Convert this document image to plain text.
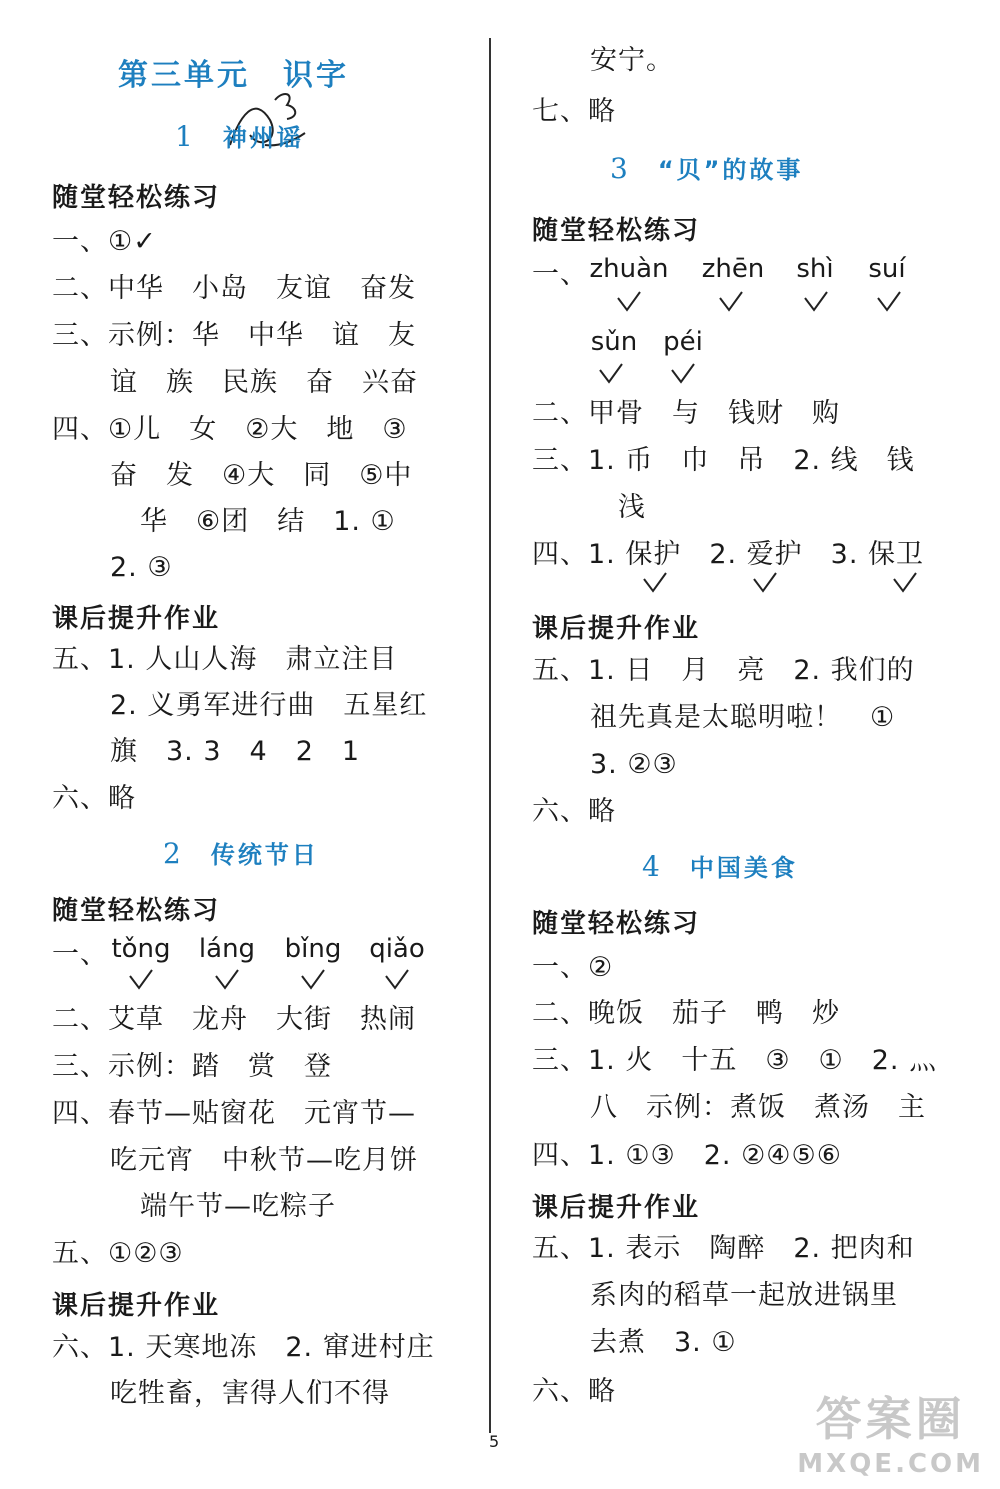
第三单元　识字
1 神州谣
随堂轻松练习
一、①✓
二、中华　小岛　友谊　奋发
三、示例：华　中华　谊　友
谊　族　民族　奋　兴奋
四、①儿　女　②大　地　③
奋　发　④大　同　⑤中
华　⑥团　结　1. ①
2. ③
课后提升作业
五、1. 人山人海　肃立注目
2. 义勇军进行曲　五星红
旗　3. 3　4　2　1
六、略
2 传统节日
随堂轻松练习
一、 tǒng láng bǐng qiǎo
二、艾草　龙舟　大街　热闹
三、示例：踏　赏　登
四、春节—贴窗花　元宵节—
吃元宵　中秋节—吃月饼
端午节—吃粽子
五、①②③
课后提升作业
六、1. 天寒地冻　2. 窜进村庄
吃牲畜，害得人们不得
安宁。
七、略
3 “贝”的故事
随堂轻松练习
一、 zhuàn zhēn shì suí
sǔn péi
二、甲骨　与　钱财　购
三、1. 币　巾　吊　2. 线　钱
浅
四、1. 保护　2. 爱护　3. 保卫
课后提升作业
五、1. 日　月　亮　2. 我们的
祖先真是太聪明啦！　①
3. ②③
六、略
4 中国美食
随堂轻松练习
一、②
二、晚饭　茄子　鸭　炒
三、1. 火　十五　③　①　2. 灬
八　示例：煮饭　煮汤　主
四、1. ①③　2. ②④⑤⑥
课后提升作业
五、1. 表示　陶醉　2. 把肉和
系肉的稻草一起放进锅里
去煮　3. ①
六、略
5	答案圈
MXQE.COM
